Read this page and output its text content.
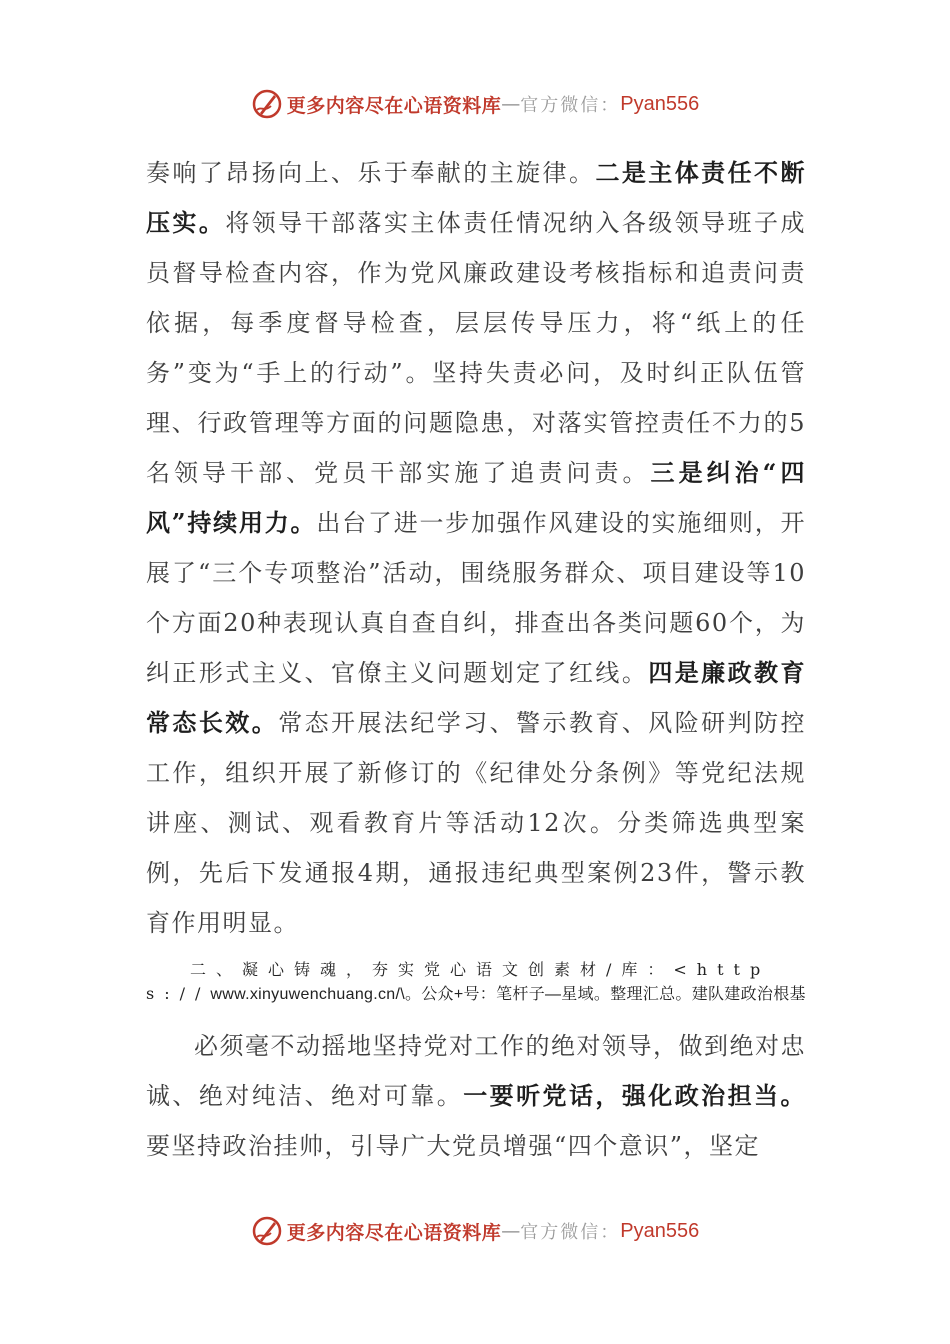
更多内容尽在心语资料库 — 官方微信： Pyan556

奏响了昂扬向上、乐于奉献的主旋律。二是主体责任不断压实。将领导干部落实主体责任情况纳入各级领导班子成员督导检查内容，作为党风廉政建设考核指标和追责问责依据，每季度督导检查，层层传导压力，将“纸上的任务”变为“手上的行动”。坚持失责必问，及时纠正队伍管理、行政管理等方面的问题隐患，对落实管控责任不力的5名领导干部、党员干部实施了追责问责。三是纠治“四风”持续用力。出台了进一步加强作风建设的实施细则，开展了“三个专项整治”活动，围绕服务群众、项目建设等10个方面20种表现认真自查自纠，排查出各类问题60个，为纠正形式主义、官僚主义问题划定了红线。四是廉政教育常态长效。常态开展法纪学习、警示教育、风险研判防控工作，组织开展了新修订的《纪律处分条例》等党纪法规讲座、测试、观看教育片等活动12次。分类筛选典型案例，先后下发通报4期，通报违纪典型案例23件，警示教育作用明显。

二、凝心铸魂，夯实党心语文创素材/库：<https://www.xinyuwenchuang.cn/\。公众+号：笔杆子—星域。整理汇总。建队建政治根基

必须毫不动摇地坚持党对工作的绝对领导，做到绝对忠诚、绝对纯洁、绝对可靠。一要听党话，强化政治担当。要坚持政治挂帅，引导广大党员增强“四个意识”，坚定

更多内容尽在心语资料库 — 官方微信： Pyan556
